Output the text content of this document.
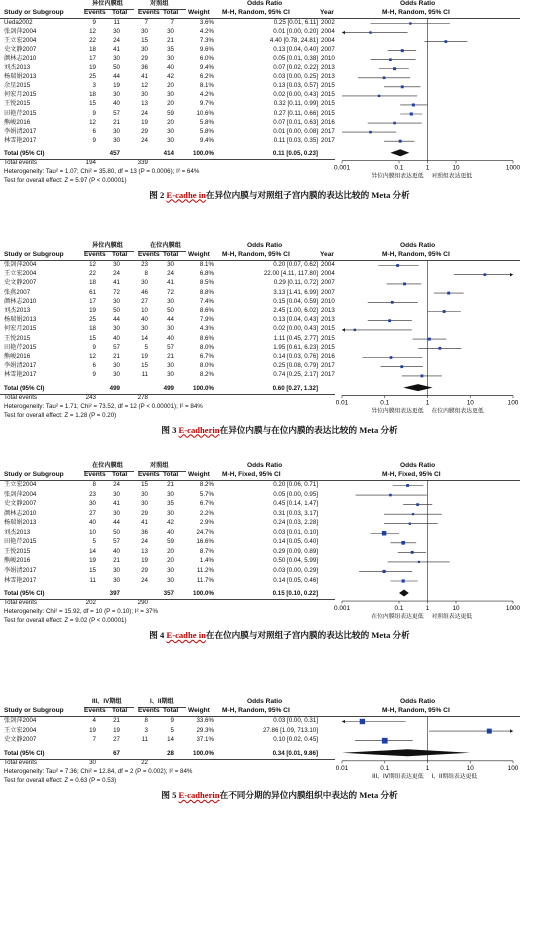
异位内膜组	对照组	Odds Ratio	Odds Ratio
Study or Subgroup	Events Total Events Total Weight M-H, Random, 95% CI	Year	M-H, Random, 95% CI
Ueda2002	9	11	7	7	3.6%	0.25 [0.01, 6.11] 2002
张剑萍2004	12	30	30	30	4.2%	0.01 [0.00, 0.20] 2004
王立宏2004	22	24	15	21	7.3%	4.40 [0.78, 24.81] 2004
史文静2007	18	41	30	35	9.6%	0.13 [0.04, 0.40] 2007
颜林志2010	17	30	29	30	6.0%	0.05 [0.01, 0.38] 2010
刘杰2013	19	50	36	40	9.4%	0.07 [0.02, 0.22] 2013
杨瑞娟2013	25	44	41	42	6.2%	0.03 [0.00, 0.25] 2013
余星2015	3	19	12	20	8.1%	0.13 [0.03, 0.57] 2015
何宏月2015	18	30	30	30	4.2%	0.02 [0.00, 0.43] 2015
王悦2015	15	40	13	20	9.7%	0.32 [0.11, 0.99] 2015
田艳芹2015	9	57	24	59	10.6%	0.27 [0.11, 0.66] 2015
熊峻2016	12	21	19	20	5.8%	0.07 [0.01, 0.63] 2016
李娟清2017	6	30	29	30	5.8%	0.01 [0.00, 0.08] 2017
林雪艳2017	9	30	24	30	9.4%	0.11 [0.03, 0.35] 2017
Total (95% CI)	457	414	100.0%	0.11 [0.05, 0.23]
Total events	194	339
Heterogeneity: Tau² = 1.07; Chi² = 35.80, df = 13 (P = 0.0006); I² = 64%
Test for overall effect: Z = 5.97 (P < 0.00001)
0.001	0.1	1	10	1000
异位内膜组表达更低 对照组表达更低
图 2 E-cadhe in在异位内膜与对照组子宫内膜的表达比较的 Meta 分析
异位内膜组	在位内膜组	Odds Ratio	Odds Ratio
Study or Subgroup	Events Total Events Total Weight M-H, Random, 95% CI	Year	M-H, Random, 95% CI
张剑萍2004	12	30	23	30	8.1%	0.20 [0.07, 0.62] 2004
王立宏2004	22	24	8	24	6.8%	22.00 [4.11, 117.80] 2004
史文静2007	18	41	30	41	8.5%	0.29 [0.11, 0.72] 2007
张燕2007	61	72	46	72	8.8%	3.13 [1.41, 6.99] 2007
颜林志2010	17	30	27	30	7.4%	0.15 [0.04, 0.59] 2010
刘杰2013	19	50	10	50	8.6%	2.45 [1.00, 6.02] 2013
杨瑞娟2013	25	44	40	44	7.9%	0.13 [0.04, 0.43] 2013
何宏月2015	18	30	30	30	4.3%	0.02 [0.00, 0.43] 2015
王悦2015	15	40	14	40	8.6%	1.11 [0.45, 2.77] 2015
田艳芹2015	9	57	5	57	8.0%	1.95 [0.61, 6.23] 2015
熊峻2016	12	21	19	21	6.7%	0.14 [0.03, 0.76] 2016
李娟清2017	6	30	15	30	8.0%	0.25 [0.08, 0.79] 2017
林雪艳2017	9	30	11	30	8.2%	0.74 [0.25, 2.17] 2017
Total (95% CI)	499	499	100.0%	0.60 [0.27, 1.32]
Total events	243	278
Heterogeneity: Tau² = 1.71; Chi² = 73.52, df = 12 (P < 0.00001); I² = 84%
Test for overall effect: Z = 1.28 (P = 0.20)
0.01	0.1	1	10	100
异位内膜组表达更低 在位内膜组表达更低
图 3 E-cadherin在异位内膜与在位内膜的表达比较的 Meta 分析
在位内膜组	对照组	Odds Ratio	Odds Ratio
Study or Subgroup	Events Total Events Total Weight M-H, Fixed, 95% CI	M-H, Fixed, 95% CI
王立宏2004	8	24	15	21	8.2%	0.20 [0.06, 0.71]
张剑萍2004	23	30	30	30	5.7%	0.05 [0.00, 0.95]
史文静2007	30	41	30	35	6.7%	0.45 [0.14, 1.47]
颜林志2010	27	30	29	30	2.2%	0.31 [0.03, 3.17]
杨瑞娟2013	40	44	41	42	2.9%	0.24 [0.03, 2.28]
刘杰2013	10	50	36	40	24.7%	0.03 [0.01, 0.10]
田艳芹2015	5	57	24	59	16.6%	0.14 [0.05, 0.40]
王悦2015	14	40	13	20	8.7%	0.29 [0.09, 0.89]
熊峻2016	19	21	19	20	1.4%	0.50 [0.04, 5.99]
李娟清2017	15	30	29	30	11.2%	0.03 [0.00, 0.29]
林雪艳2017	11	30	24	30	11.7%	0.14 [0.05, 0.46]
Total (95% CI)	397	357	100.0%	0.15 [0.10, 0.22]
Total events	202	290
Heterogeneity: Chi² = 15.92, df = 10 (P = 0.10); I² = 37%
Test for overall effect: Z = 9.02 (P < 0.00001)
0.001	0.1	1	10	1000
在位内膜组表达更低 对照组表达更低
图 4 E-cadhe in在在位内膜与对照组子宫内膜的表达比较的 Meta 分析
III、IV期组	I、II期组	Odds Ratio	Odds Ratio
Study or Subgroup	Events Total Events Total Weight M-H, Random, 95% CI	M-H, Random, 95% CI
张剑萍2004	4	21	8	9	33.6%	0.03 [0.00, 0.31]
王立宏2004	19	19	3	5	29.3%	27.86 [1.09, 713.10]
史文静2007	7	27	11	14	37.1%	0.10 [0.02, 0.45]
Total (95% CI)	67	28	100.0%	0.34 [0.01, 9.86]
Total events	30	22
Heterogeneity: Tau² = 7.36; Chi² = 12.84, df = 2 (P = 0.002); I² = 84%
Test for overall effect: Z = 0.63 (P = 0.53)
0.01	0.1	1	10	100
III、IV期组表达更低 I、II期组表达更低
图 5 E-cadherin在不同分期的异位内膜组织中表达的 Meta 分析
